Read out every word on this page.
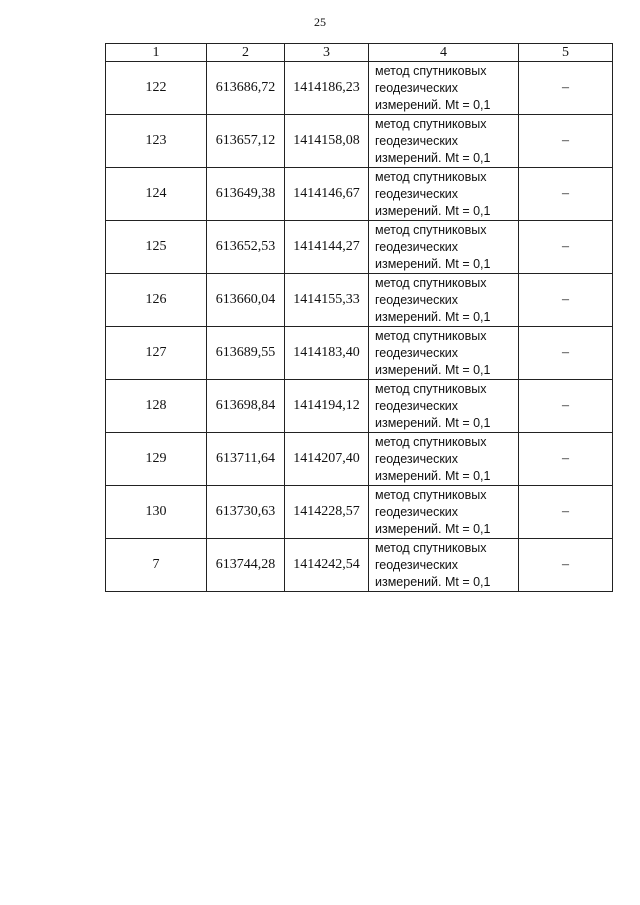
25
1	2	3	4	5
122	613686,72	1414186,23	метод спутниковых
геодезических
измерений. Mt = 0,1	–
123	613657,12	1414158,08	метод спутниковых
геодезических
измерений. Mt = 0,1	–
124	613649,38	1414146,67	метод спутниковых
геодезических
измерений. Mt = 0,1	–
125	613652,53	1414144,27	метод спутниковых
геодезических
измерений. Mt = 0,1	–
126	613660,04	1414155,33	метод спутниковых
геодезических
измерений. Mt = 0,1	–
127	613689,55	1414183,40	метод спутниковых
геодезических
измерений. Mt = 0,1	–
128	613698,84	1414194,12	метод спутниковых
геодезических
измерений. Mt = 0,1	–
129	613711,64	1414207,40	метод спутниковых
геодезических
измерений. Mt = 0,1	–
130	613730,63	1414228,57	метод спутниковых
геодезических
измерений. Mt = 0,1	–
7	613744,28	1414242,54	метод спутниковых
геодезических
измерений. Mt = 0,1	–
